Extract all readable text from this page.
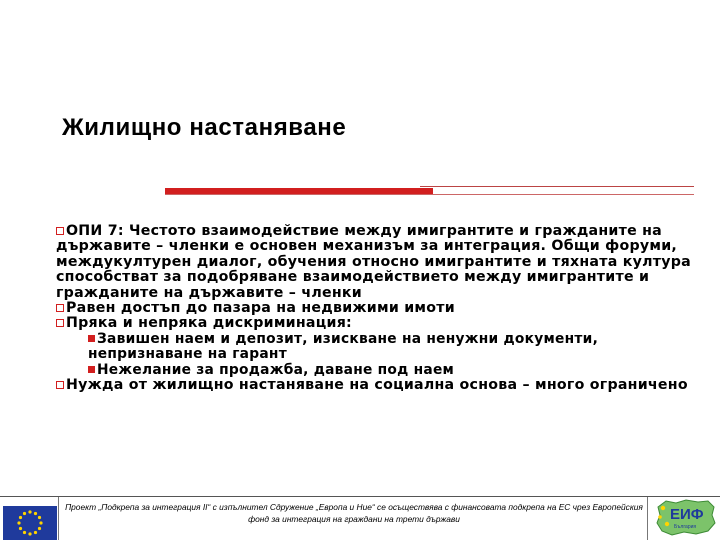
Жилищно настаняване

ОПИ 7: Честото взаимодействие между имигрантите и гражданите на държавите – членки е основен механизъм за интеграция. Общи форуми, междукултурен диалог, обучения относно имигрантите и тяхната култура способстват за подобряване взаимодействието между имигрантите и гражданите на държавите – членки

Равен достъп до пазара на недвижими имоти

Пряка и непряка дискриминация:

Завишен наем и депозит, изискване на ненужни документи, непризнаване на гарант

Нежелание за продажба, даване под наем

Нужда от жилищно настаняване на социална основа – много ограничено

Проект „Подкрепа за интеграция II“ с изпълнител Сдружение „Европа и Ние“ се осъществява с финансовата подкрепа на ЕС чрез Европейския фонд за интеграция на граждани на трети държави	ЕИФ
България
